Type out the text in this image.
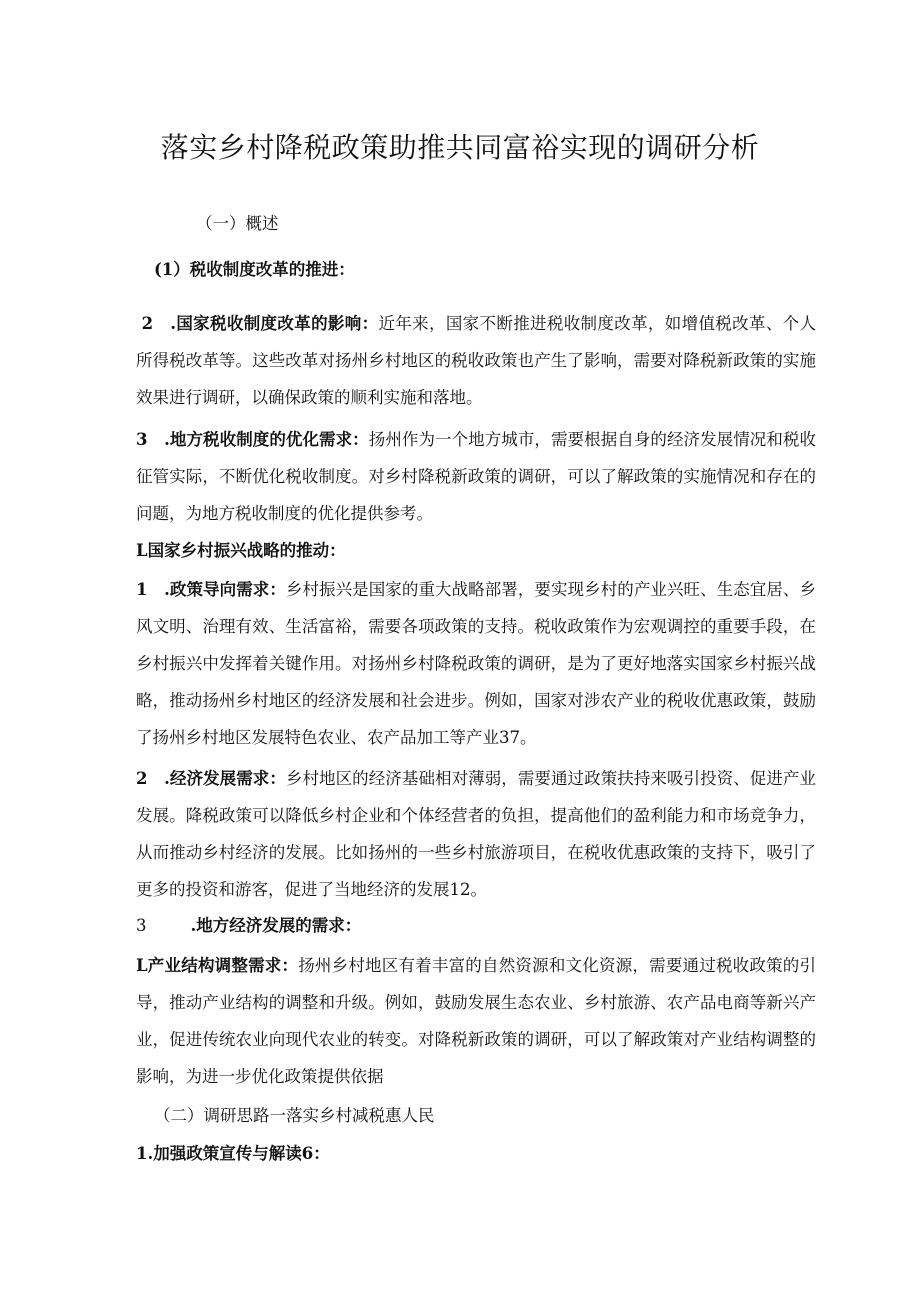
落实乡村降税政策助推共同富裕实现的调研分析
（一）概述
(1）税收制度改革的推进：
2　.国家税收制度改革的影响：近年来，国家不断推进税收制度改革，如增值税改革、个人所得税改革等。这些改革对扬州乡村地区的税收政策也产生了影响，需要对降税新政策的实施效果进行调研，以确保政策的顺利实施和落地。
3　.地方税收制度的优化需求：扬州作为一个地方城市，需要根据自身的经济发展情况和税收征管实际，不断优化税收制度。对乡村降税新政策的调研，可以了解政策的实施情况和存在的问题，为地方税收制度的优化提供参考。
L国家乡村振兴战略的推动：
1　.政策导向需求：乡村振兴是国家的重大战略部署，要实现乡村的产业兴旺、生态宜居、乡风文明、治理有效、生活富裕，需要各项政策的支持。税收政策作为宏观调控的重要手段，在乡村振兴中发挥着关键作用。对扬州乡村降税政策的调研，是为了更好地落实国家乡村振兴战略，推动扬州乡村地区的经济发展和社会进步。例如，国家对涉农产业的税收优惠政策，鼓励了扬州乡村地区发展特色农业、农产品加工等产业37。
2　.经济发展需求：乡村地区的经济基础相对薄弱，需要通过政策扶持来吸引投资、促进产业发展。降税政策可以降低乡村企业和个体经营者的负担，提高他们的盈利能力和市场竞争力，从而推动乡村经济的发展。比如扬州的一些乡村旅游项目，在税收优惠政策的支持下，吸引了更多的投资和游客，促进了当地经济的发展12。
3	.地方经济发展的需求：
L产业结构调整需求：扬州乡村地区有着丰富的自然资源和文化资源，需要通过税收政策的引导，推动产业结构的调整和升级。例如，鼓励发展生态农业、乡村旅游、农产品电商等新兴产业，促进传统农业向现代农业的转变。对降税新政策的调研，可以了解政策对产业结构调整的影响，为进一步优化政策提供依据
（二）调研思路一落实乡村减税惠人民
1.加强政策宣传与解读6：
